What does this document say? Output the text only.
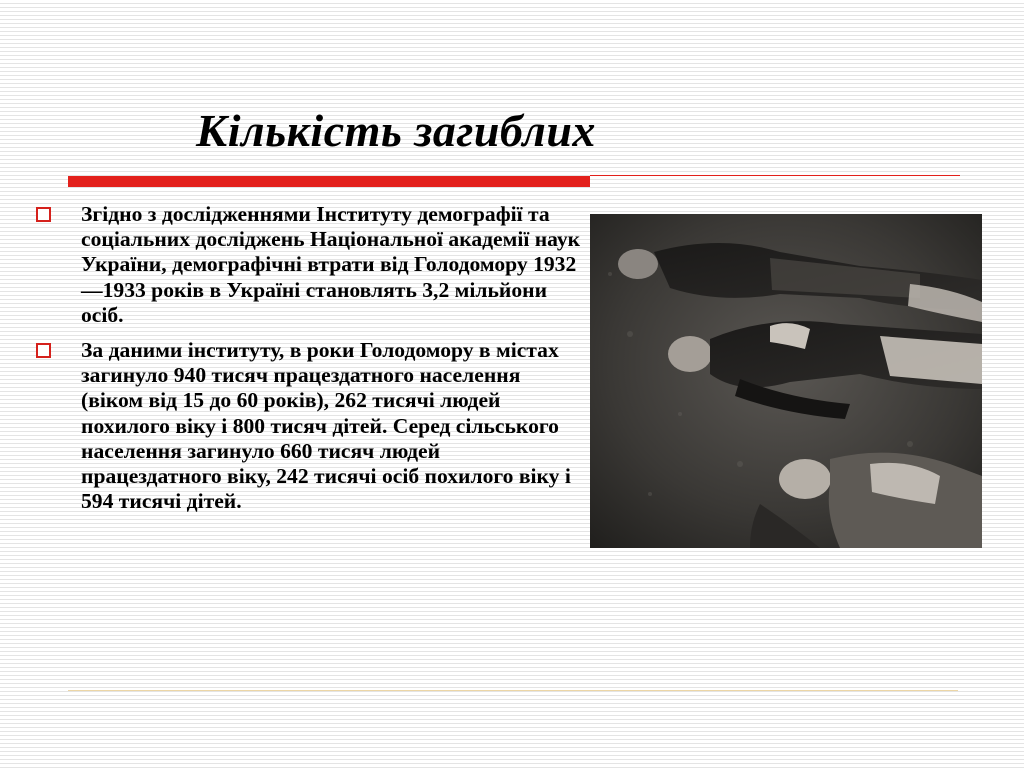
Кількість загиблих
Згідно з дослідженнями Інституту демографії та соціальних досліджень Національної академії наук України, демографічні втрати від Голодомору 1932—1933 років в Україні становлять 3,2 мільйони осіб.
За даними інституту, в роки Голодомору в містах загинуло 940 тисяч працездатного населення (віком від 15 до 60 років), 262 тисячі людей похилого віку і 800 тисяч дітей. Серед сільського населення загинуло 660 тисяч людей працездатного віку, 242 тисячі осіб похилого віку і 594 тисячі дітей.
